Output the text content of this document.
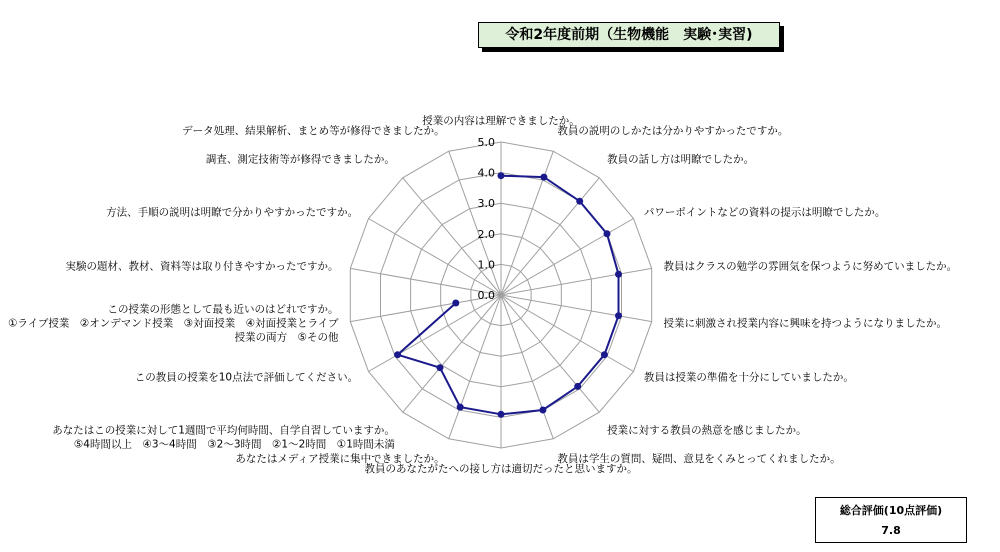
令和2年度前期（生物機能　実験･実習)
0.0
1.0
2.0
3.0
4.0
5.0
授業の内容は理解できましたか。
教員の説明のしかたは分かりやすかったですか。
教員の話し方は明瞭でしたか。
パワーポイントなどの資料の提示は明瞭でしたか。
教員はクラスの勉学の雰囲気を保つように努めていましたか。
授業に刺激され授業内容に興味を持つようになりましたか。
教員は授業の準備を十分にしていましたか。
授業に対する教員の熱意を感じましたか。
教員は学生の質問、疑問、意見をくみとってくれましたか。
教員のあなたがたへの接し方は適切だったと思いますか。
あなたはメディア授業に集中できましたか。
あなたはこの授業に対して1週間で平均何時間、自学自習していますか。
⑤4時間以上　④3～4時間　③2～3時間　②1～2時間　①1時間未満
この教員の授業を10点法で評価してください。
この授業の形態として最も近いのはどれですか。
①ライブ授業　②オンデマンド授業　③対面授業　④対面授業とライブ
授業の両方　⑤その他
実験の題材、教材、資料等は取り付きやすかったですか。
方法、手順の説明は明瞭で分かりやすかったですか。
調査、測定技術等が修得できましたか。
データ処理、結果解析、まとめ等が修得できましたか。
総合評価(10点評価)
7.8
